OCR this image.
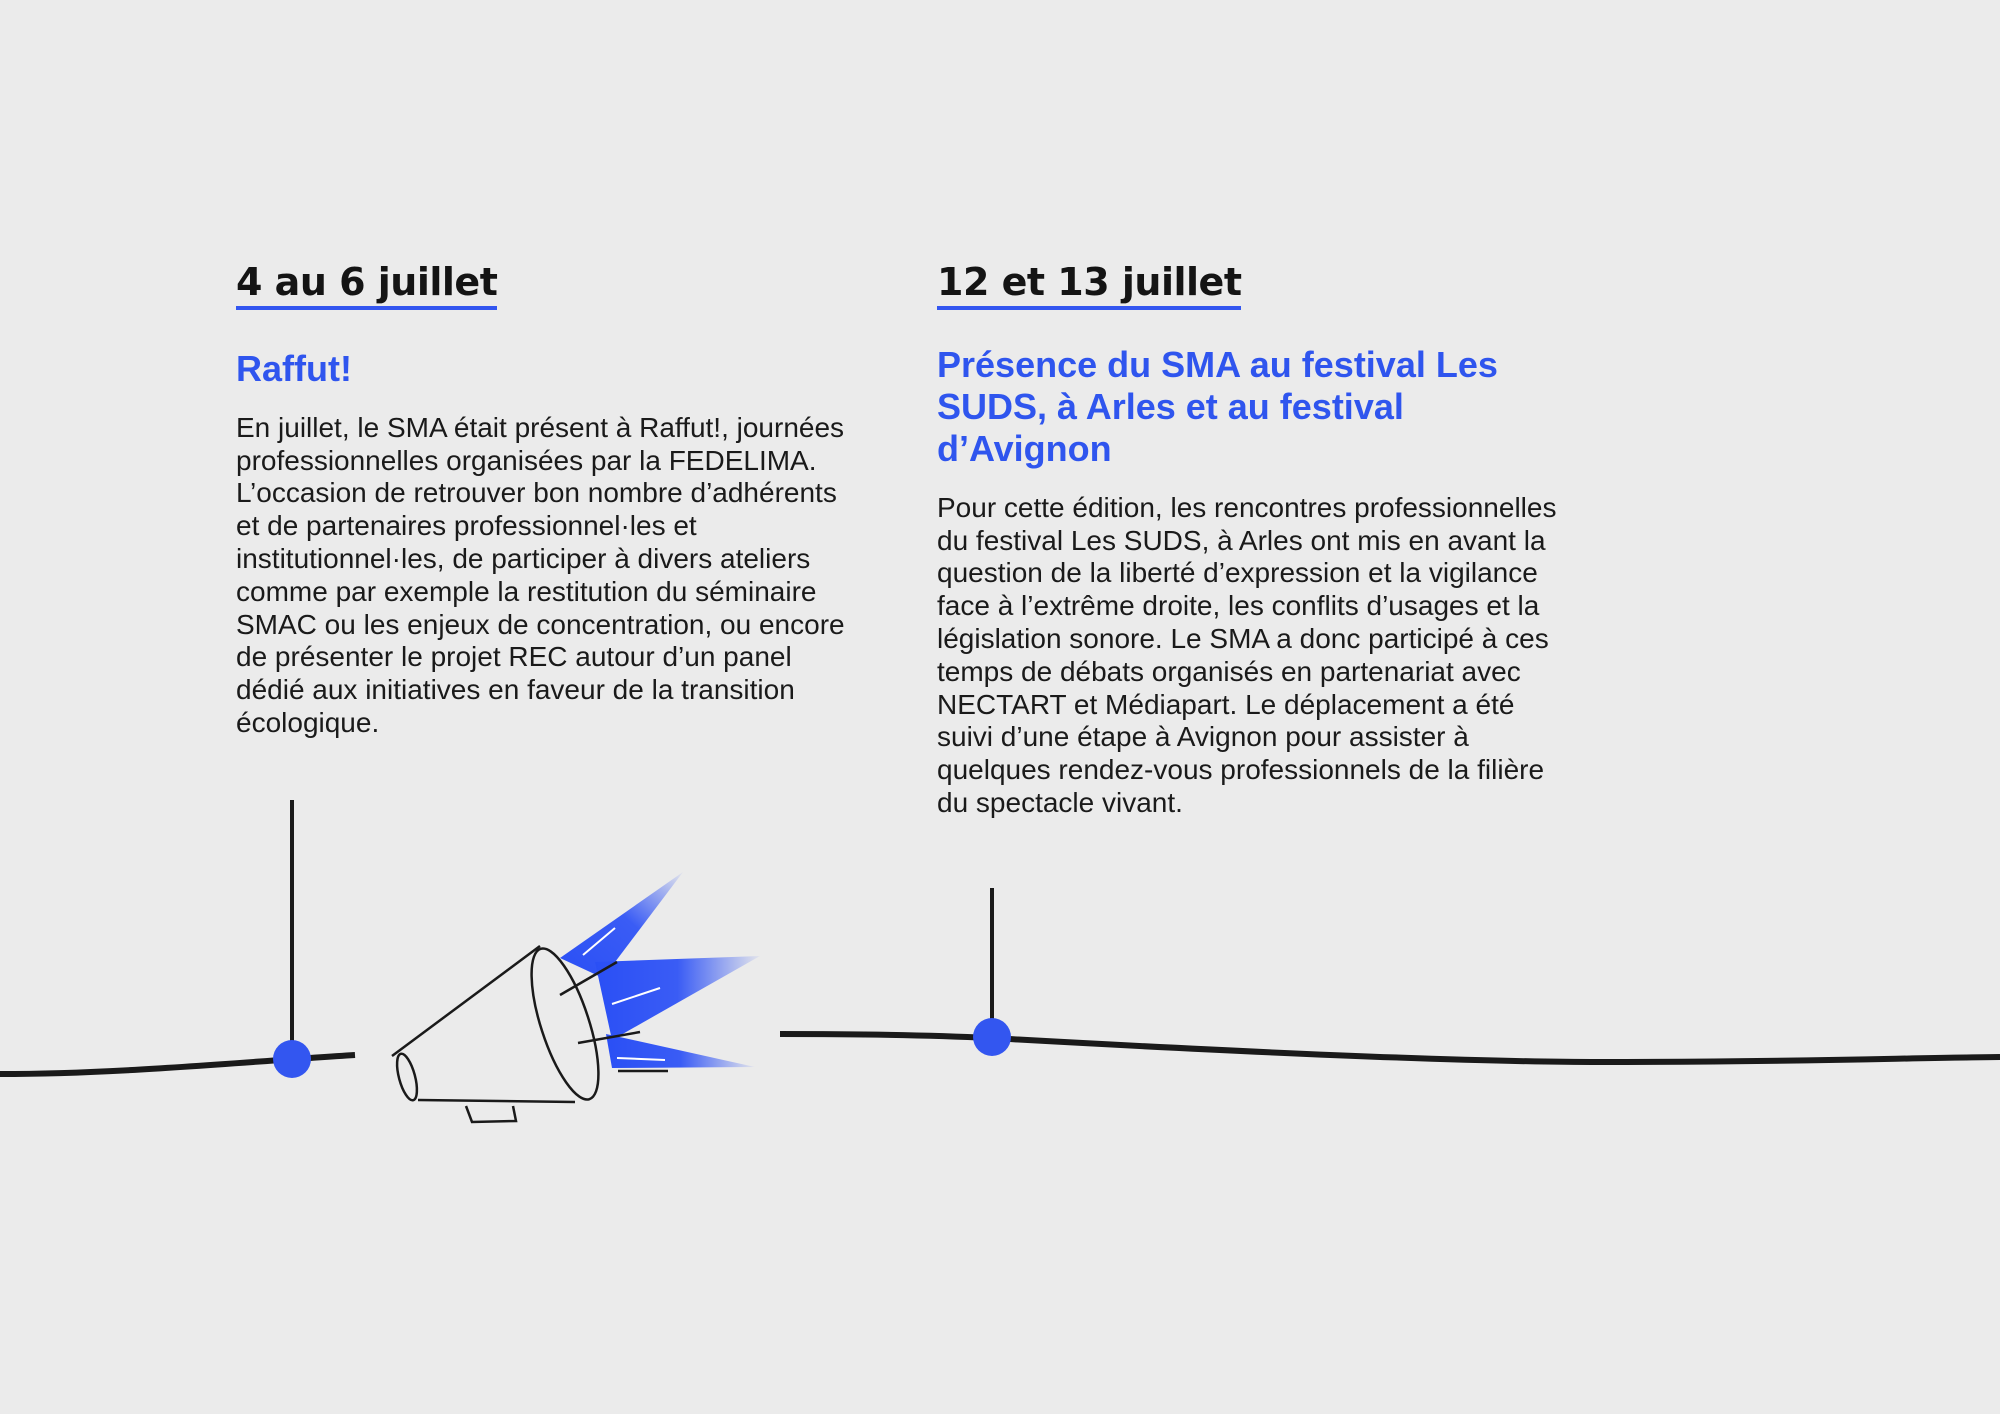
4 au 6 juillet
Raffut!

En juillet, le SMA était présent à Raffut!, journées professionnelles organisées par la FEDELIMA. L’occasion de retrouver bon nombre d’adhérents et de partenaires professionnel·les et institutionnel·les, de participer à divers ateliers comme par exemple la restitution du séminaire SMAC ou les enjeux de concentration, ou encore de présenter le projet REC autour d’un panel dédié aux initiatives en faveur de la transition écologique.

12 et 13 juillet
Présence du SMA au festival Les SUDS, à Arles et au festival d’Avignon

Pour cette édition, les rencontres professionnelles du festival Les SUDS, à Arles ont mis en avant la question de la liberté d’expression et la vigilance face à l’extrême droite, les conflits d’usages et la législation sonore. Le SMA a donc participé à ces temps de débats organisés en partenariat avec NECTART et Médiapart. Le déplacement a été suivi d’une étape à Avignon pour assister à quelques rendez-vous professionnels de la filière du spectacle vivant.
